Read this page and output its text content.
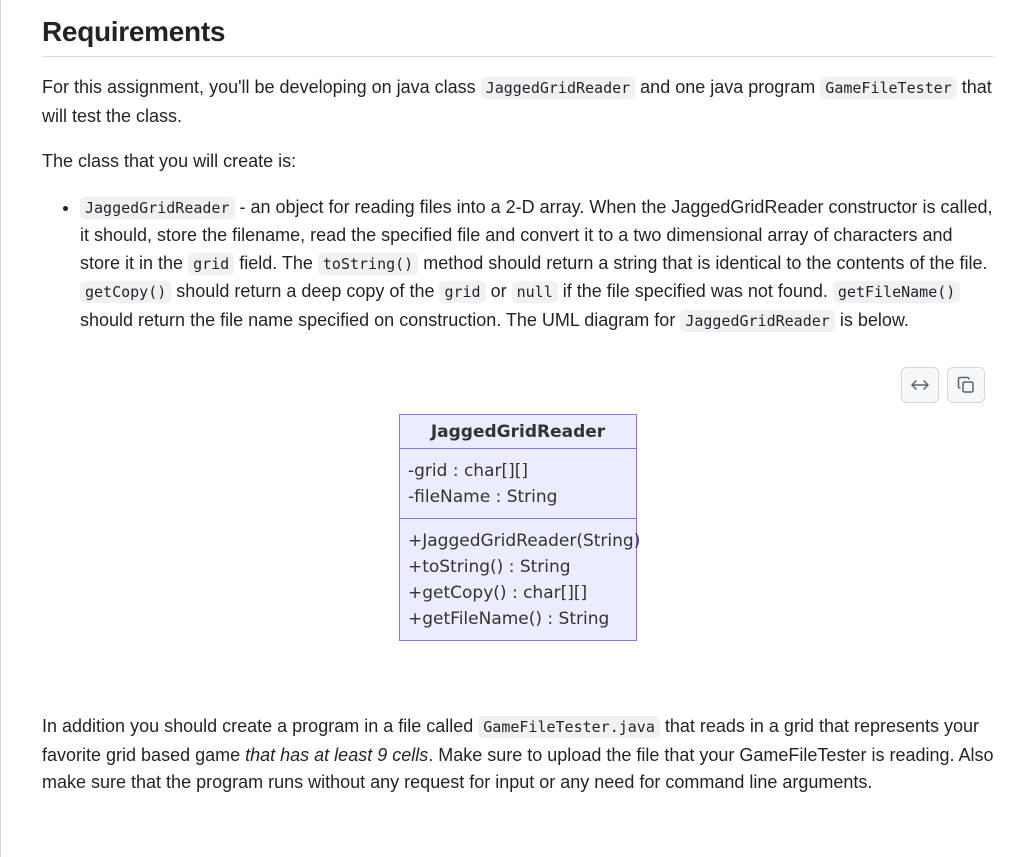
Requirements

For this assignment, you'll be developing on java class JaggedGridReader and one java program GameFileTester that will test the class.

The class that you will create is:

• JaggedGridReader - an object for reading files into a 2-D array. When the JaggedGridReader constructor is called, it should, store the filename, read the specified file and convert it to a two dimensional array of characters and store it in the grid field. The toString() method should return a string that is identical to the contents of the file. getCopy() should return a deep copy of the grid or null if the file specified was not found. getFileName() should return the file name specified on construction. The UML diagram for JaggedGridReader is below.
JaggedGridReader
-grid : char[][]
-fileName : String
+JaggedGridReader(String)
+toString() : String
+getCopy() : char[][]
+getFileName() : String

In addition you should create a program in a file called GameFileTester.java that reads in a grid that represents your favorite grid based game that has at least 9 cells. Make sure to upload the file that your GameFileTester is reading. Also make sure that the program runs without any request for input or any need for command line arguments.
